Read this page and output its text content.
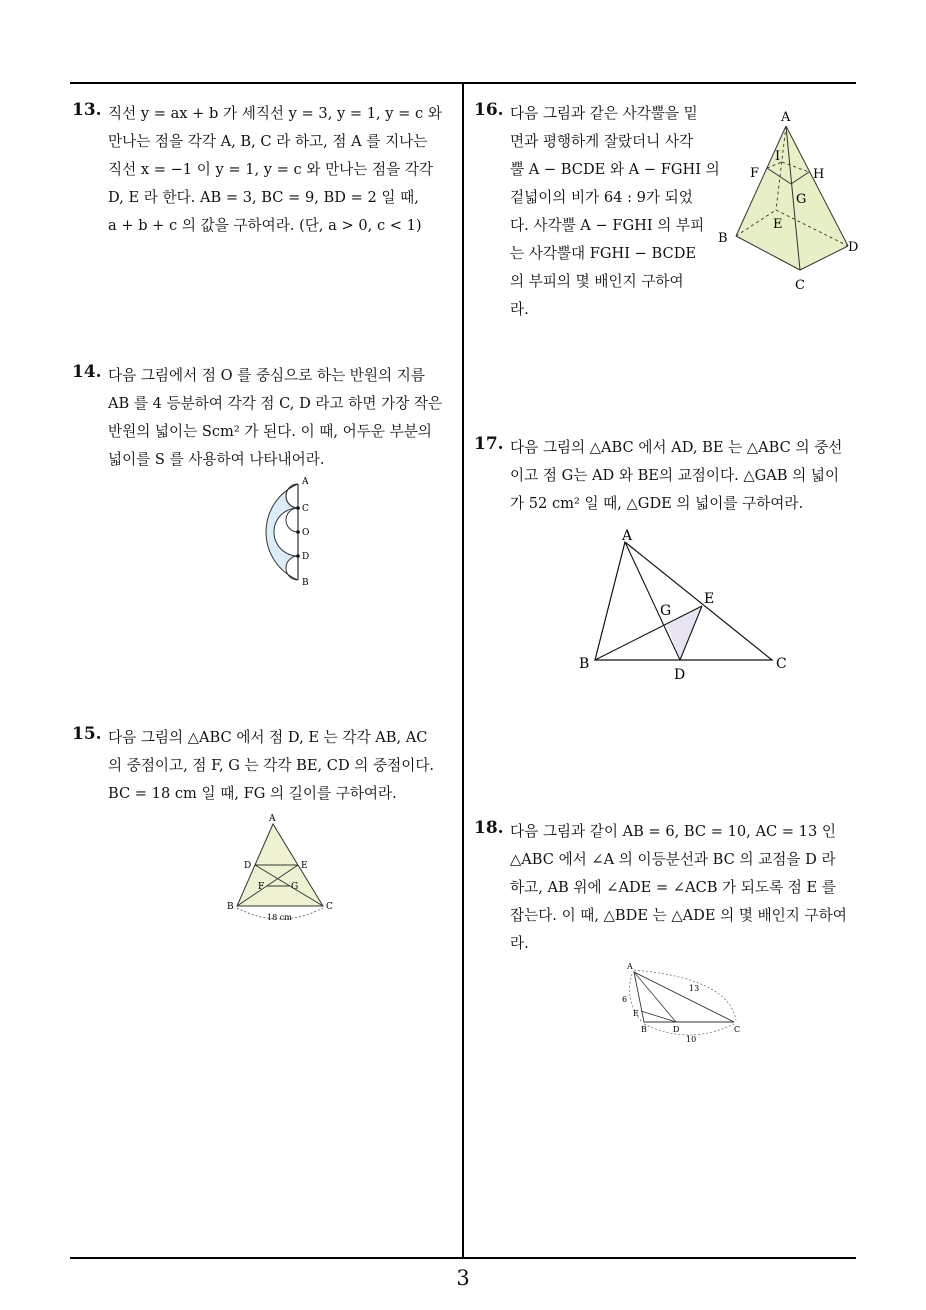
13. 직선 y = ax + b 가 세직선 y = 3, y = 1, y = c 와
만나는 점을 각각 A, B, C 라 하고, 점 A 를 지나는
직선 x = −1 이 y = 1, y = c 와 만나는 점을 각각
D, E 라 한다. AB = 3, BC = 9, BD = 2 일 때,
a + b + c 의 값을 구하여라. (단, a > 0, c < 1)
14. 다음 그림에서 점 O 를 중심으로 하는 반원의 지름
AB 를 4 등분하여 각각 점 C, D 라고 하면 가장 작은
반원의 넓이는 Scm² 가 된다. 이 때, 어두운 부분의
넓이를 S 를 사용하여 나타내어라.
A
C
O
D
B
15. 다음 그림의 △ABC 에서 점 D, E 는 각각 AB, AC
의 중점이고, 점 F, G 는 각각 BE, CD 의 중점이다.
BC = 18 cm 일 때, FG 의 길이를 구하여라.
A
D	E
F	G
B	C
18 cm
16. 다음 그림과 같은 사각뿔을 밑
면과 평행하게 잘랐더니 사각
뿔 A − BCDE 와 A − FGHI 의
겉넓이의 비가 64 : 9가 되었
다. 사각뿔 A − FGHI 의 부피
는 사각뿔대 FGHI − BCDE
의 부피의 몇 배인지 구하여
라.
A
I
F	H
G
E
B
D
C
17. 다음 그림의 △ABC 에서 AD, BE 는 △ABC 의 중선
이고 점 G는 AD 와 BE의 교점이다. △GAB 의 넓이
가 52 cm² 일 때, △GDE 의 넓이를 구하여라.
A
G
E
B
D
C
18. 다음 그림과 같이 AB = 6, BC = 10, AC = 13 인
△ABC 에서 ∠A 의 이등분선과 BC 의 교점을 D 라
하고, AB 위에 ∠ADE = ∠ACB 가 되도록 점 E 를
잡는다. 이 때, △BDE 는 △ADE 의 몇 배인지 구하여
라.
A
13
6
E
B	D	C
10
3
